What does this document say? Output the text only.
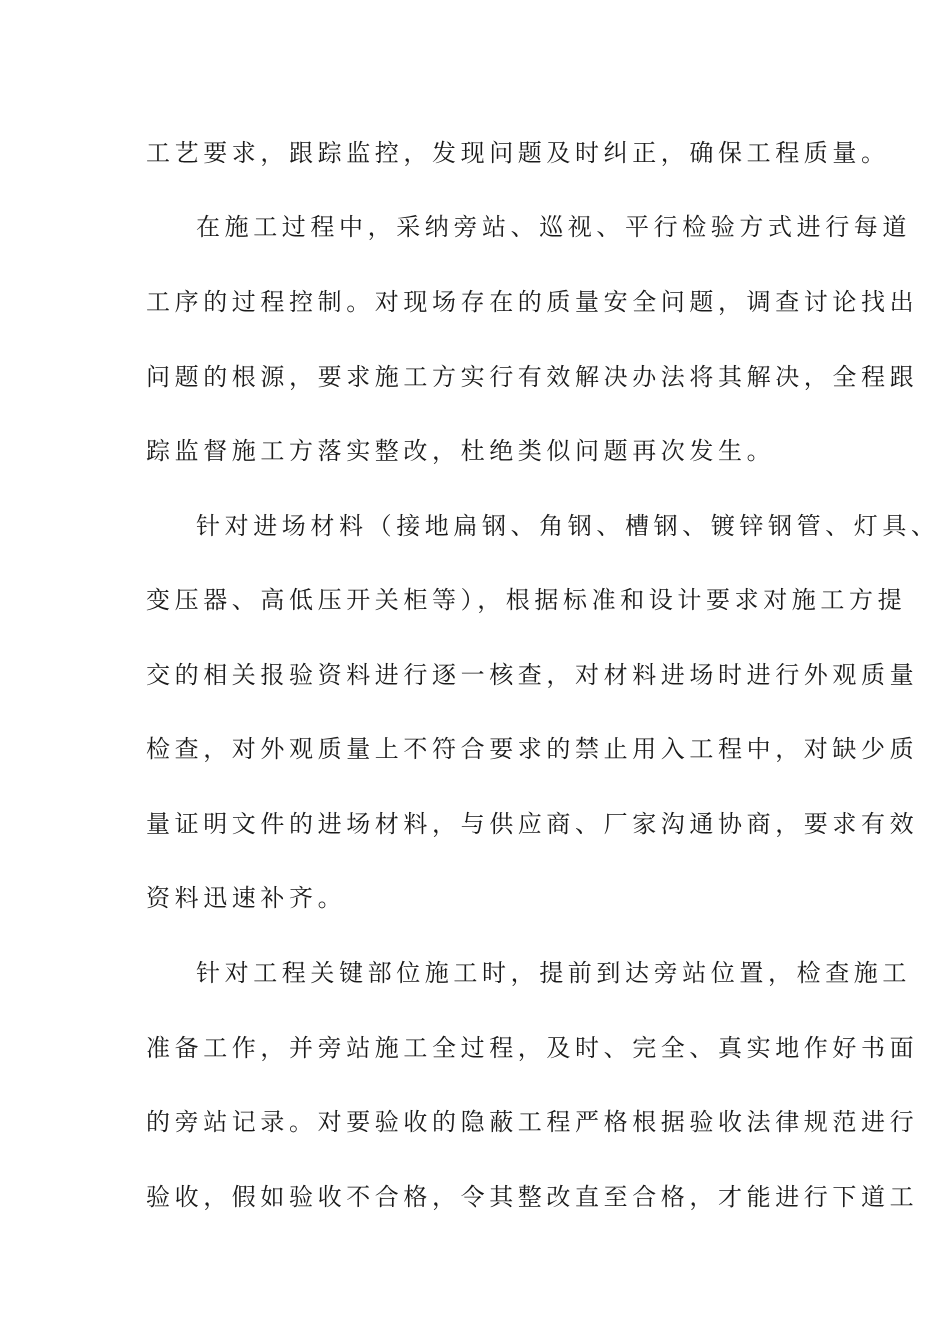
工艺要求，跟踪监控，发现问题及时纠正，确保工程质量。
在施工过程中，采纳旁站、巡视、平行检验方式进行每道
工序的过程控制。对现场存在的质量安全问题，调查讨论找出
问题的根源，要求施工方实行有效解决办法将其解决，全程跟
踪监督施工方落实整改，杜绝类似问题再次发生。
针对进场材料（接地扁钢、角钢、槽钢、镀锌钢管、灯具、
变压器、高低压开关柜等），根据标准和设计要求对施工方提
交的相关报验资料进行逐一核查，对材料进场时进行外观质量
检查，对外观质量上不符合要求的禁止用入工程中，对缺少质
量证明文件的进场材料，与供应商、厂家沟通协商，要求有效
资料迅速补齐。
针对工程关键部位施工时，提前到达旁站位置，检查施工
准备工作，并旁站施工全过程，及时、完全、真实地作好书面
的旁站记录。对要验收的隐蔽工程严格根据验收法律规范进行
验收，假如验收不合格，令其整改直至合格，才能进行下道工
